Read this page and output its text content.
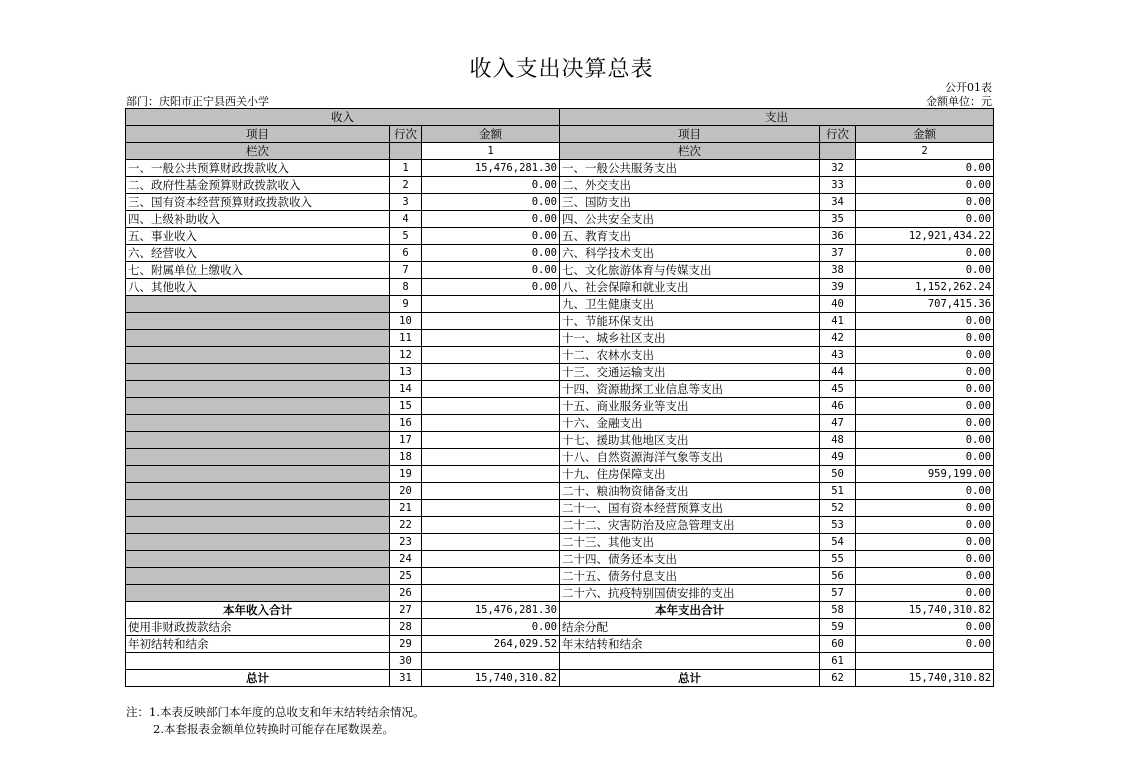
收入支出决算总表
公开01表
部门：庆阳市正宁县西关小学	金额单位：元
收入			支出		
项目	行次	金额	项目	行次	金额
栏次		1	栏次		2
一、一般公共预算财政拨款收入	1	15,476,281.30	一、一般公共服务支出	32	0.00
二、政府性基金预算财政拨款收入	2	0.00	二、外交支出	33	0.00
三、国有资本经营预算财政拨款收入	3	0.00	三、国防支出	34	0.00
四、上级补助收入	4	0.00	四、公共安全支出	35	0.00
五、事业收入	5	0.00	五、教育支出	36	12,921,434.22
六、经营收入	6	0.00	六、科学技术支出	37	0.00
七、附属单位上缴收入	7	0.00	七、文化旅游体育与传媒支出	38	0.00
八、其他收入	8	0.00	八、社会保障和就业支出	39	1,152,262.24
	9		九、卫生健康支出	40	707,415.36
	10		十、节能环保支出	41	0.00
	11		十一、城乡社区支出	42	0.00
	12		十二、农林水支出	43	0.00
	13		十三、交通运输支出	44	0.00
	14		十四、资源勘探工业信息等支出	45	0.00
	15		十五、商业服务业等支出	46	0.00
	16		十六、金融支出	47	0.00
	17		十七、援助其他地区支出	48	0.00
	18		十八、自然资源海洋气象等支出	49	0.00
	19		十九、住房保障支出	50	959,199.00
	20		二十、粮油物资储备支出	51	0.00
	21		二十一、国有资本经营预算支出	52	0.00
	22		二十二、灾害防治及应急管理支出	53	0.00
	23		二十三、其他支出	54	0.00
	24		二十四、债务还本支出	55	0.00
	25		二十五、债务付息支出	56	0.00
	26		二十六、抗疫特别国债安排的支出	57	0.00
本年收入合计	27	15,476,281.30	本年支出合计	58	15,740,310.82
使用非财政拨款结余	28	0.00	结余分配	59	0.00
年初结转和结余	29	264,029.52	年末结转和结余	60	0.00
	30			61	
总计	31	15,740,310.82	总计	62	15,740,310.82
注：1.本表反映部门本年度的总收支和年末结转结余情况。
2.本套报表金额单位转换时可能存在尾数误差。
